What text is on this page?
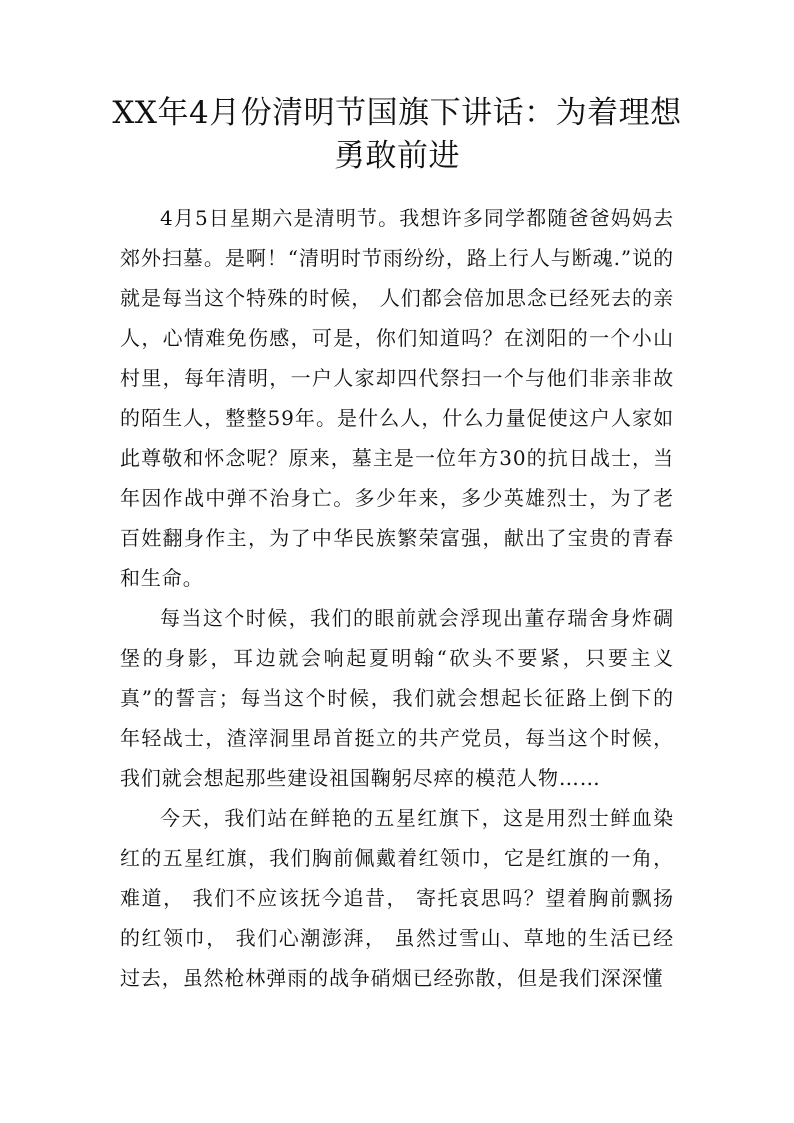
XX年4月份清明节国旗下讲话：为着理想勇敢前进

4月5日星期六是清明节。我想许多同学都随爸爸妈妈去郊外扫墓。是啊！“清明时节雨纷纷，路上行人与断魂.”说的就是每当这个特殊的时候， 人们都会倍加思念已经死去的亲人，心情难免伤感，可是，你们知道吗？在浏阳的一个小山村里，每年清明，一户人家却四代祭扫一个与他们非亲非故的陌生人，整整59年。是什么人，什么力量促使这户人家如此尊敬和怀念呢？原来，墓主是一位年方30的抗日战士，当年因作战中弹不治身亡。多少年来，多少英雄烈士，为了老百姓翻身作主，为了中华民族繁荣富强，献出了宝贵的青春和生命。

每当这个时候，我们的眼前就会浮现出董存瑞舍身炸碉堡的身影，耳边就会响起夏明翰“砍头不要紧，只要主义真”的誓言；每当这个时候，我们就会想起长征路上倒下的年轻战士，渣滓洞里昂首挺立的共产党员，每当这个时候，我们就会想起那些建设祖国鞠躬尽瘁的模范人物……

今天，我们站在鲜艳的五星红旗下，这是用烈士鲜血染红的五星红旗，我们胸前佩戴着红领巾，它是红旗的一角，难道， 我们不应该抚今追昔， 寄托哀思吗？望着胸前飘扬的红领巾， 我们心潮澎湃， 虽然过雪山、草地的生活已经过去，虽然枪林弹雨的战争硝烟已经弥散，但是我们深深懂
